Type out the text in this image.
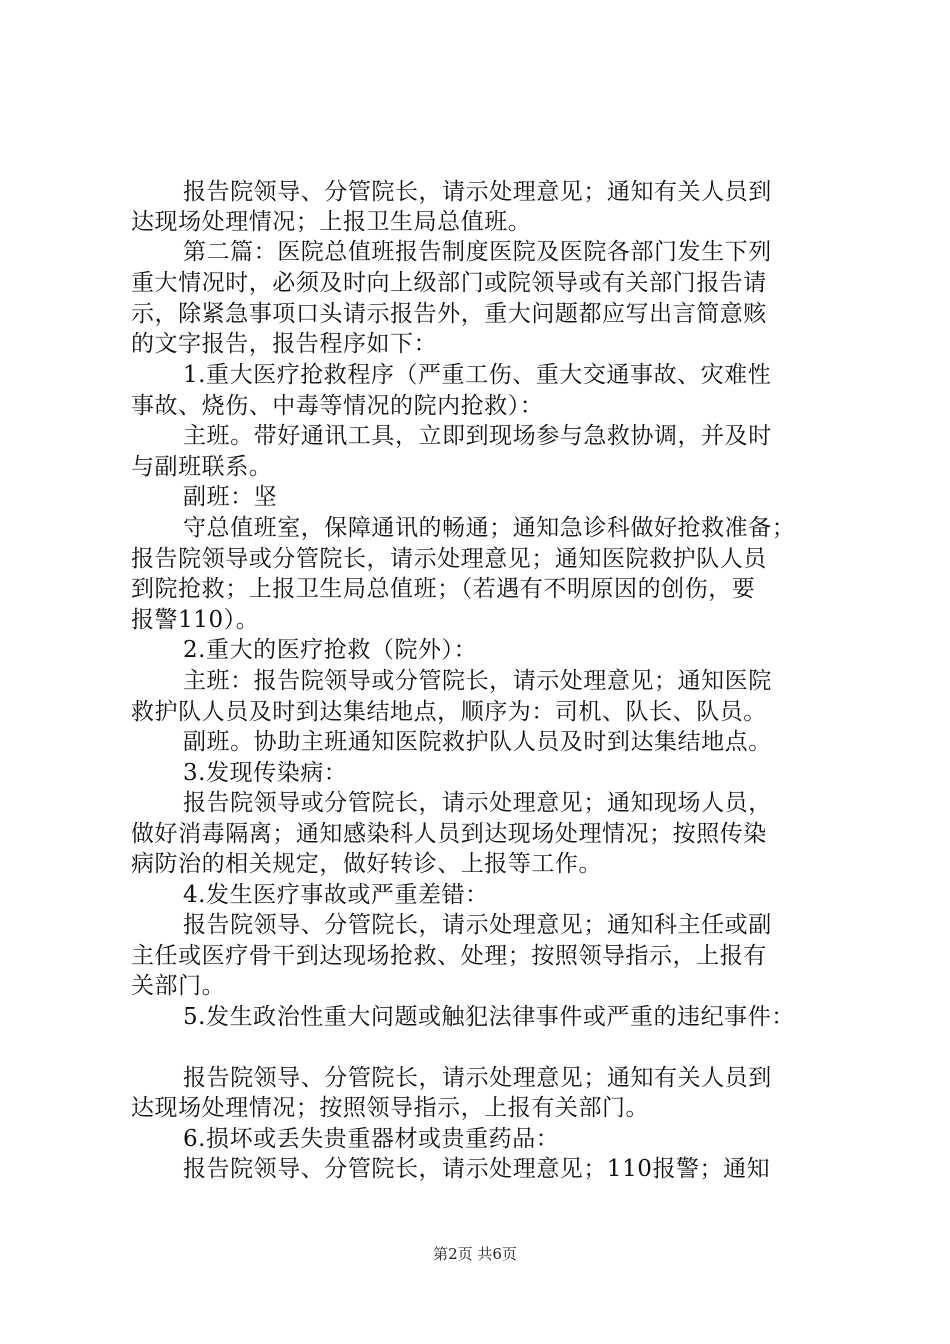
报告院领导、分管院长，请示处理意见；通知有关人员到
达现场处理情况；上报卫生局总值班。
第二篇：医院总值班报告制度医院及医院各部门发生下列
重大情况时，必须及时向上级部门或院领导或有关部门报告请
示，除紧急事项口头请示报告外，重大问题都应写出言简意赅
的文字报告，报告程序如下：
1.重大医疗抢救程序（严重工伤、重大交通事故、灾难性
事故、烧伤、中毒等情况的院内抢救）：
主班。带好通讯工具，立即到现场参与急救协调，并及时
与副班联系。
副班：坚
守总值班室，保障通讯的畅通；通知急诊科做好抢救准备；
报告院领导或分管院长，请示处理意见；通知医院救护队人员
到院抢救；上报卫生局总值班；（若遇有不明原因的创伤，要
报警110）。
2.重大的医疗抢救（院外）：
主班：报告院领导或分管院长，请示处理意见；通知医院
救护队人员及时到达集结地点，顺序为：司机、队长、队员。
副班。协助主班通知医院救护队人员及时到达集结地点。
3.发现传染病：
报告院领导或分管院长，请示处理意见；通知现场人员，
做好消毒隔离；通知感染科人员到达现场处理情况；按照传染
病防治的相关规定，做好转诊、上报等工作。
4.发生医疗事故或严重差错：
报告院领导、分管院长，请示处理意见；通知科主任或副
主任或医疗骨干到达现场抢救、处理；按照领导指示，上报有
关部门。
5.发生政治性重大问题或触犯法律事件或严重的违纪事件：
报告院领导、分管院长，请示处理意见；通知有关人员到
达现场处理情况；按照领导指示，上报有关部门。
6.损坏或丢失贵重器材或贵重药品：
报告院领导、分管院长，请示处理意见；110报警；通知
第2页 共6页
